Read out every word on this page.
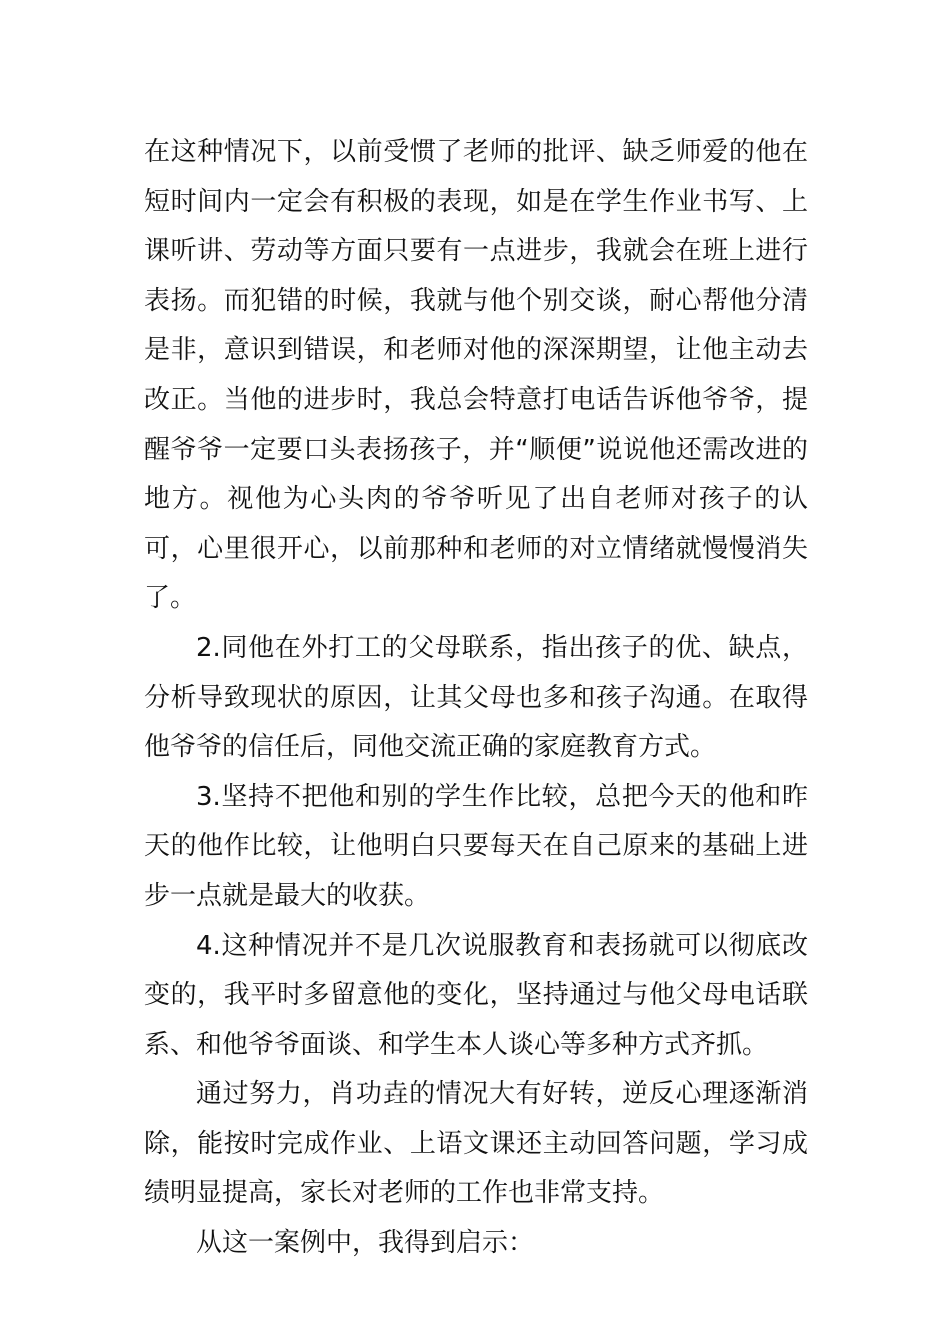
在这种情况下，以前受惯了老师的批评、缺乏师爱的他在短时间内一定会有积极的表现，如是在学生作业书写、上课听讲、劳动等方面只要有一点进步，我就会在班上进行表扬。而犯错的时候，我就与他个别交谈，耐心帮他分清是非，意识到错误，和老师对他的深深期望，让他主动去改正。当他的进步时，我总会特意打电话告诉他爷爷，提醒爷爷一定要口头表扬孩子，并“顺便”说说他还需改进的地方。视他为心头肉的爷爷听见了出自老师对孩子的认可，心里很开心，以前那种和老师的对立情绪就慢慢消失了。

2.同他在外打工的父母联系，指出孩子的优、缺点，分析导致现状的原因，让其父母也多和孩子沟通。在取得他爷爷的信任后，同他交流正确的家庭教育方式。

3.坚持不把他和别的学生作比较，总把今天的他和昨天的他作比较，让他明白只要每天在自己原来的基础上进步一点就是最大的收获。

4.这种情况并不是几次说服教育和表扬就可以彻底改变的，我平时多留意他的变化，坚持通过与他父母电话联系、和他爷爷面谈、和学生本人谈心等多种方式齐抓。

通过努力，肖功垚的情况大有好转，逆反心理逐渐消除，能按时完成作业、上语文课还主动回答问题，学习成绩明显提高，家长对老师的工作也非常支持。

从这一案例中，我得到启示：
